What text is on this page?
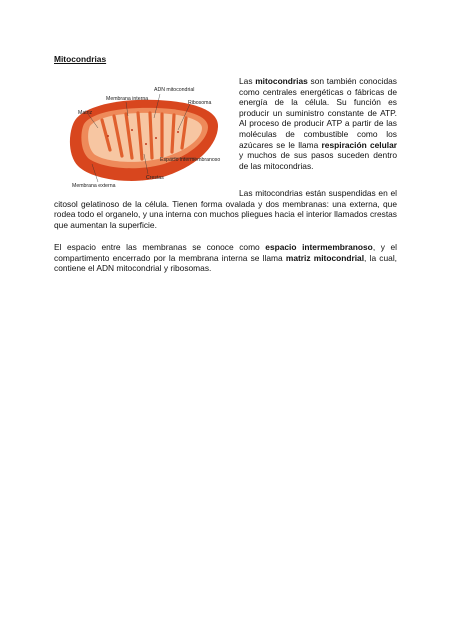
Mitocondrias
ADN mitocondrial
Membrana interna
Ribosoma
Matriz
Espacio intermembranoso
Crestas
Membrana externa

Las mitocondrias son también conocidas como centrales energéticas o fábricas de energía de la célula. Su función es producir un suministro constante de ATP. Al proceso de producir ATP a partir de las moléculas de combustible como los azúcares se le llama respiración celular y muchos de sus pasos suceden dentro de las mitocondrias.

Las mitocondrias están suspendidas en el citosol gelatinoso de la célula. Tienen forma ovalada y dos membranas: una externa, que rodea todo el organelo, y una interna con muchos pliegues hacia el interior llamados crestas que aumentan la superficie.

El espacio entre las membranas se conoce como espacio intermembranoso, y el compartimento encerrado por la membrana interna se llama matriz mitocondrial, la cual, contiene el ADN mitocondrial y ribosomas.
